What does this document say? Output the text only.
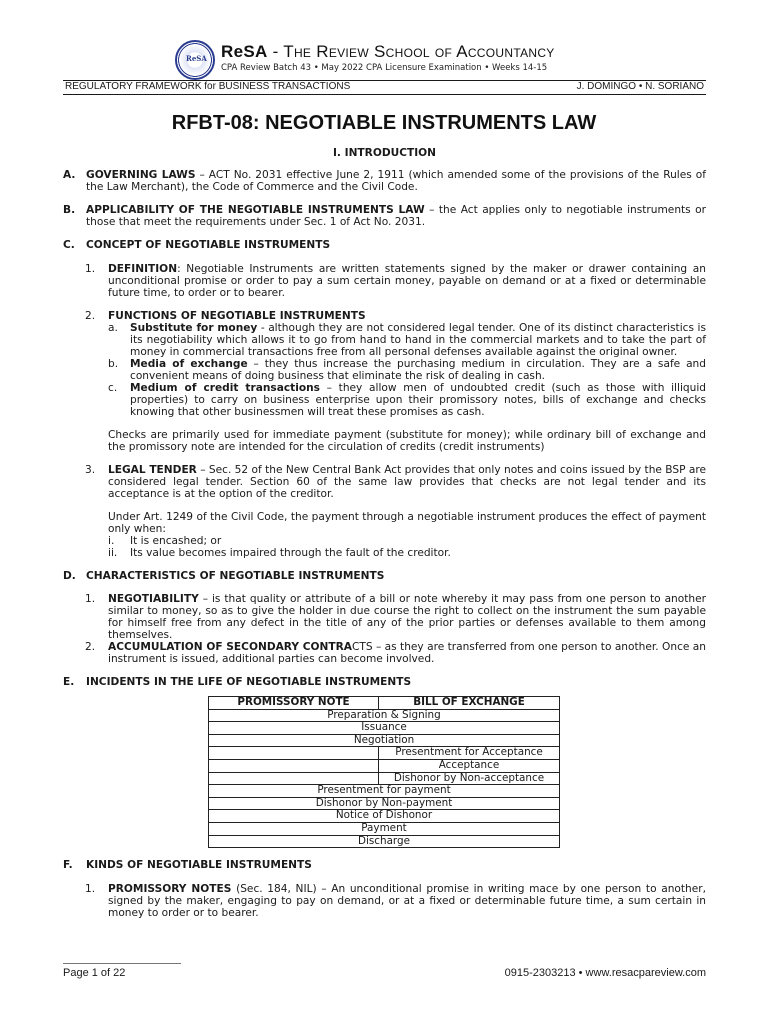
ReSA ReSA - The Review School of Accountancy
CPA Review Batch 43 • May 2022 CPA Licensure Examination • Weeks 14-15
REGULATORY FRAMEWORK for BUSINESS TRANSACTIONS	J. DOMINGO • N. SORIANO
RFBT-08: NEGOTIABLE INSTRUMENTS LAW
I. INTRODUCTION
A. GOVERNING LAWS – ACT No. 2031 effective June 2, 1911 (which amended some of the provisions of the Rules of the Law Merchant), the Code of Commerce and the Civil Code.
B.	APPLICABILITY OF THE NEGOTIABLE INSTRUMENTS LAW – the Act applies only to negotiable instruments or those that meet the requirements under Sec. 1 of Act No. 2031.
C.	CONCEPT OF NEGOTIABLE INSTRUMENTS
1.	DEFINITION: Negotiable Instruments are written statements signed by the maker or drawer containing an unconditional promise or order to pay a sum certain money, payable on demand or at a fixed or determinable future time, to order or to bearer.
2.	FUNCTIONS OF NEGOTIABLE INSTRUMENTS
a.	Substitute for money - although they are not considered legal tender. One of its distinct characteristics is its negotiability which allows it to go from hand to hand in the commercial markets and to take the part of money in commercial transactions free from all personal defenses available against the original owner.
b.	Media of exchange – they thus increase the purchasing medium in circulation. They are a safe and convenient means of doing business that eliminate the risk of dealing in cash.
c.	Medium of credit transactions – they allow men of undoubted credit (such as those with illiquid properties) to carry on business enterprise upon their promissory notes, bills of exchange and checks knowing that other businessmen will treat these promises as cash.
Checks are primarily used for immediate payment (substitute for money); while ordinary bill of exchange and the promissory note are intended for the circulation of credits (credit instruments)
3.	LEGAL TENDER – Sec. 52 of the New Central Bank Act provides that only notes and coins issued by the BSP are considered legal tender. Section 60 of the same law provides that checks are not legal tender and its acceptance is at the option of the creditor.
Under Art. 1249 of the Civil Code, the payment through a negotiable instrument produces the effect of payment only when:
i.	It is encashed; or
ii.	Its value becomes impaired through the fault of the creditor.
D. CHARACTERISTICS OF NEGOTIABLE INSTRUMENTS
1.	NEGOTIABILITY – is that quality or attribute of a bill or note whereby it may pass from one person to another similar to money, so as to give the holder in due course the right to collect on the instrument the sum payable for himself free from any defect in the title of any of the prior parties or defenses available to them among themselves.
2.	ACCUMULATION OF SECONDARY CONTRACTS – as they are transferred from one person to another. Once an instrument is issued, additional parties can become involved.
E.	INCIDENTS IN THE LIFE OF NEGOTIABLE INSTRUMENTS
PROMISSORY NOTE	BILL OF EXCHANGE
Preparation & Signing	
Issuance	
Negotiation	
	Presentment for Acceptance
	Acceptance
	Dishonor by Non-acceptance
Presentment for payment	
Dishonor by Non-payment	
Notice of Dishonor	
Payment	
Discharge	
F.	KINDS OF NEGOTIABLE INSTRUMENTS
1.	PROMISSORY NOTES (Sec. 184, NIL) – An unconditional promise in writing mace by one person to another, signed by the maker, engaging to pay on demand, or at a fixed or determinable future time, a sum certain in money to order or to bearer.
Page 1 of 22	0915-2303213 • www.resacpareview.com
